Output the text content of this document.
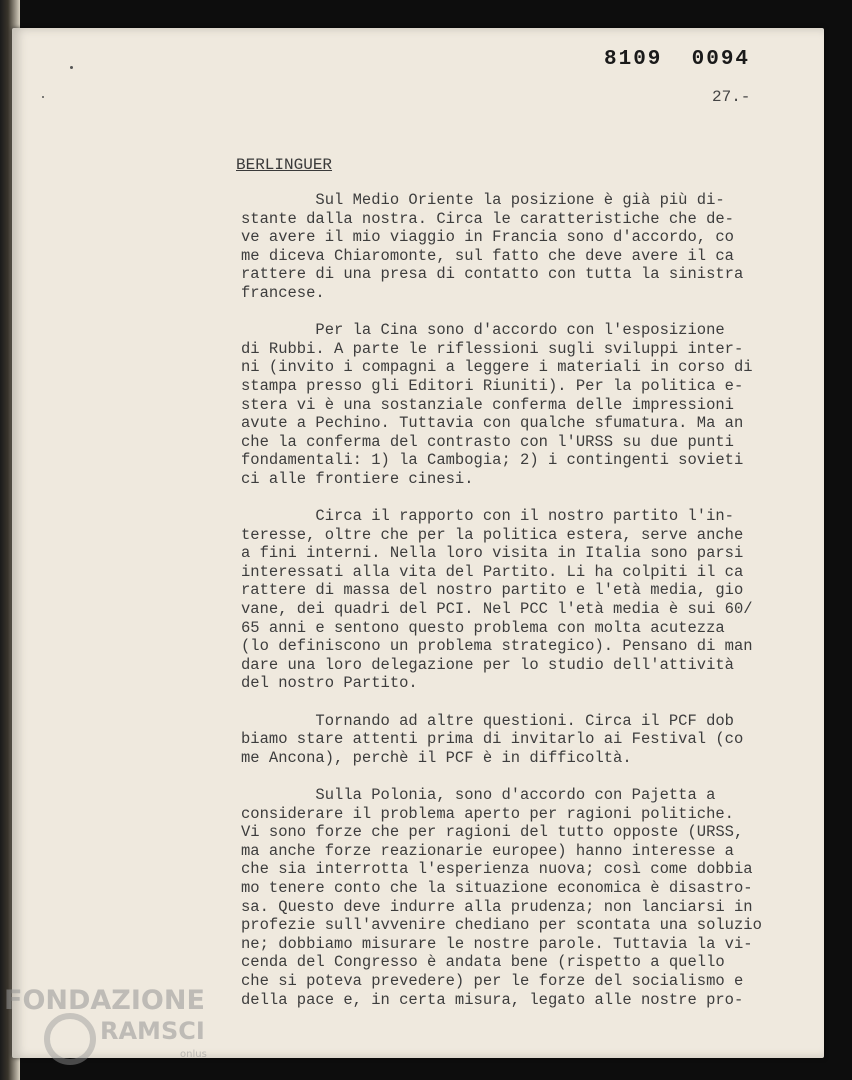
8109  0094
27.-
BERLINGUER
Sul Medio Oriente la posizione è già più di-
stante dalla nostra. Circa le caratteristiche che de-
ve avere il mio viaggio in Francia sono d'accordo, co
me diceva Chiaromonte, sul fatto che deve avere il ca
rattere di una presa di contatto con tutta la sinistra
francese.
Per la Cina sono d'accordo con l'esposizione
di Rubbi. A parte le riflessioni sugli sviluppi inter-
ni (invito i compagni a leggere i materiali in corso di
stampa presso gli Editori Riuniti). Per la politica e-
stera vi è una sostanziale conferma delle impressioni
avute a Pechino. Tuttavia con qualche sfumatura. Ma an
che la conferma del contrasto con l'URSS su due punti
fondamentali: 1) la Cambogia; 2) i contingenti sovieti
ci alle frontiere cinesi.
Circa il rapporto con il nostro partito l'in-
teresse, oltre che per la politica estera, serve anche
a fini interni. Nella loro visita in Italia sono parsi
interessati alla vita del Partito. Li ha colpiti il ca
rattere di massa del nostro partito e l'età media, gio
vane, dei quadri del PCI. Nel PCC l'età media è sui 60/
65 anni e sentono questo problema con molta acutezza
(lo definiscono un problema strategico). Pensano di man
dare una loro delegazione per lo studio dell'attività
del nostro Partito.
Tornando ad altre questioni. Circa il PCF dob
biamo stare attenti prima di invitarlo ai Festival (co
me Ancona), perchè il PCF è in difficoltà.
Sulla Polonia, sono d'accordo con Pajetta a
considerare il problema aperto per ragioni politiche.
Vi sono forze che per ragioni del tutto opposte (URSS,
ma anche forze reazionarie europee) hanno interesse a
che sia interrotta l'esperienza nuova; così come dobbia
mo tenere conto che la situazione economica è disastro-
sa. Questo deve indurre alla prudenza; non lanciarsi in
profezie sull'avvenire chediano per scontata una soluzio
ne; dobbiamo misurare le nostre parole. Tuttavia la vi-
cenda del Congresso è andata bene (rispetto a quello
che si poteva prevedere) per le forze del socialismo e
della pace e, in certa misura, legato alle nostre pro-
FONDAZIONE
RAMSCI
onlus
